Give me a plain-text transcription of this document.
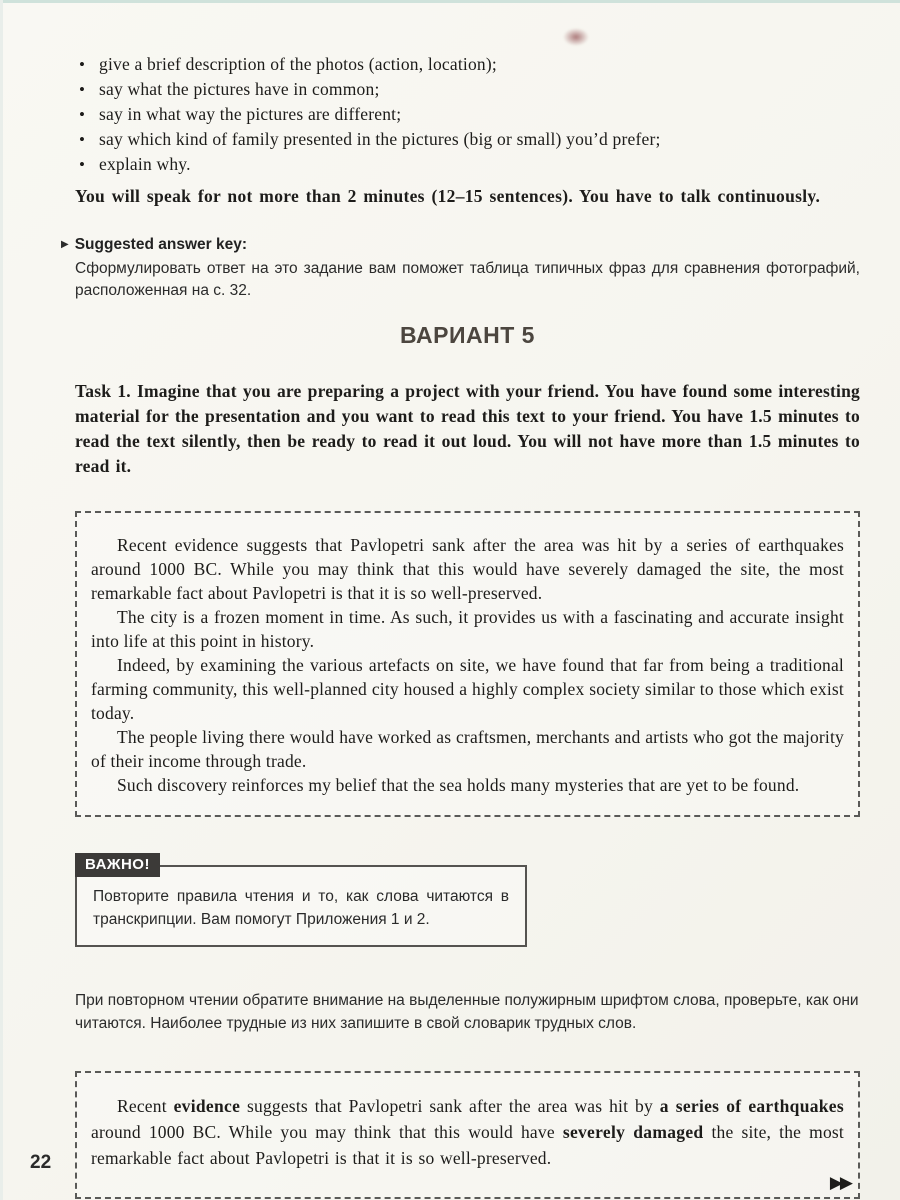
• give a brief description of the photos (action, location);
• say what the pictures have in common;
• say in what way the pictures are different;
• say which kind of family presented in the pictures (big or small) you’d prefer;
• explain why.

You will speak for not more than 2 minutes (12–15 sentences). You have to talk continuously.

▶ Suggested answer key:

Сформулировать ответ на это задание вам поможет таблица типичных фраз для сравнения фотографий, расположенная на с. 32.

ВАРИАНТ 5

Task 1. Imagine that you are preparing a project with your friend. You have found some interesting material for the presentation and you want to read this text to your friend. You have 1.5 minutes to read the text silently, then be ready to read it out loud. You will not have more than 1.5 minutes to read it.

Recent evidence suggests that Pavlopetri sank after the area was hit by a series of earthquakes around 1000 BC. While you may think that this would have severely damaged the site, the most remarkable fact about Pavlopetri is that it is so well-preserved.

The city is a frozen moment in time. As such, it provides us with a fascinating and accurate insight into life at this point in history.

Indeed, by examining the various artefacts on site, we have found that far from being a traditional farming community, this well-planned city housed a highly complex society similar to those which exist today.

The people living there would have worked as craftsmen, merchants and artists who got the majority of their income through trade.

Such discovery reinforces my belief that the sea holds many mysteries that are yet to be found.

ВАЖНО!

Повторите правила чтения и то, как слова читаются в транскрипции. Вам помогут Приложения 1 и 2.

При повторном чтении обратите внимание на выделенные полужирным шрифтом слова, проверьте, как они читаются. Наиболее трудные из них запишите в свой словарик трудных слов.

Recent evidence suggests that Pavlopetri sank after the area was hit by a series of earthquakes around 1000 BC. While you may think that this would have severely damaged the site, the most remarkable fact about Pavlopetri is that it is so well-preserved.

▶▶
22
